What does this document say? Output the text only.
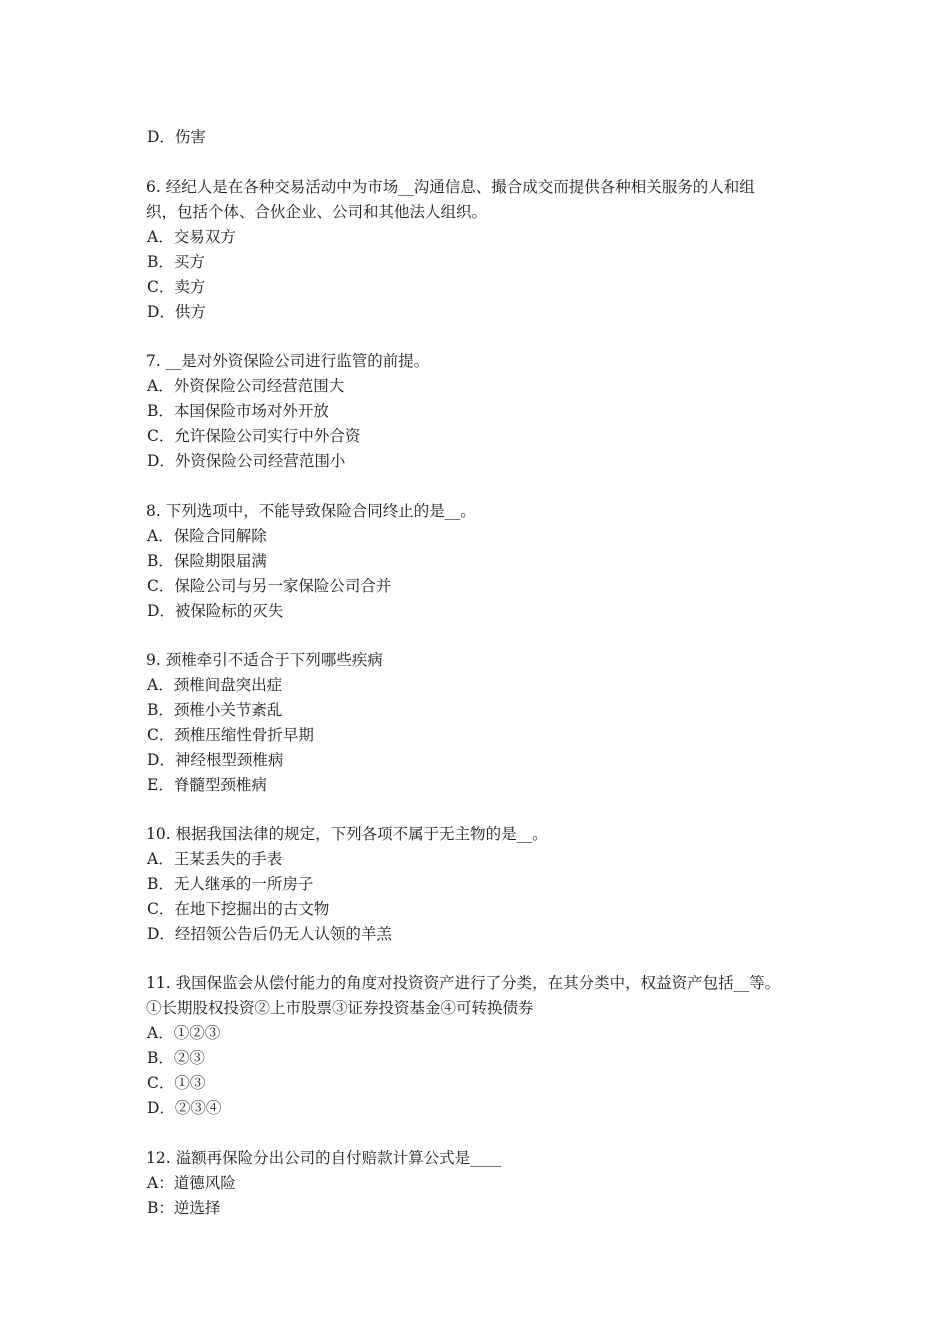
D．伤害
6. 经纪人是在各种交易活动中为市场__沟通信息、撮合成交而提供各种相关服务的人和组
织，包括个体、合伙企业、公司和其他法人组织。
A．交易双方
B．买方
C．卖方
D．供方
7. __是对外资保险公司进行监管的前提。
A．外资保险公司经营范围大
B．本国保险市场对外开放
C．允许保险公司实行中外合资
D．外资保险公司经营范围小
8. 下列选项中，不能导致保险合同终止的是__。
A．保险合同解除
B．保险期限届满
C．保险公司与另一家保险公司合并
D．被保险标的灭失
9. 颈椎牵引不适合于下列哪些疾病
A．颈椎间盘突出症
B．颈椎小关节紊乱
C．颈椎压缩性骨折早期
D．神经根型颈椎病
E．脊髓型颈椎病
10. 根据我国法律的规定，下列各项不属于无主物的是__。
A．王某丢失的手表
B．无人继承的一所房子
C．在地下挖掘出的古文物
D．经招领公告后仍无人认领的羊羔
11. 我国保监会从偿付能力的角度对投资资产进行了分类，在其分类中，权益资产包括__等。
①长期股权投资②上市股票③证券投资基金④可转换债券
A．①②③
B．②③
C．①③
D．②③④
12. 溢额再保险分出公司的自付赔款计算公式是____
A：道德风险
B：逆选择
